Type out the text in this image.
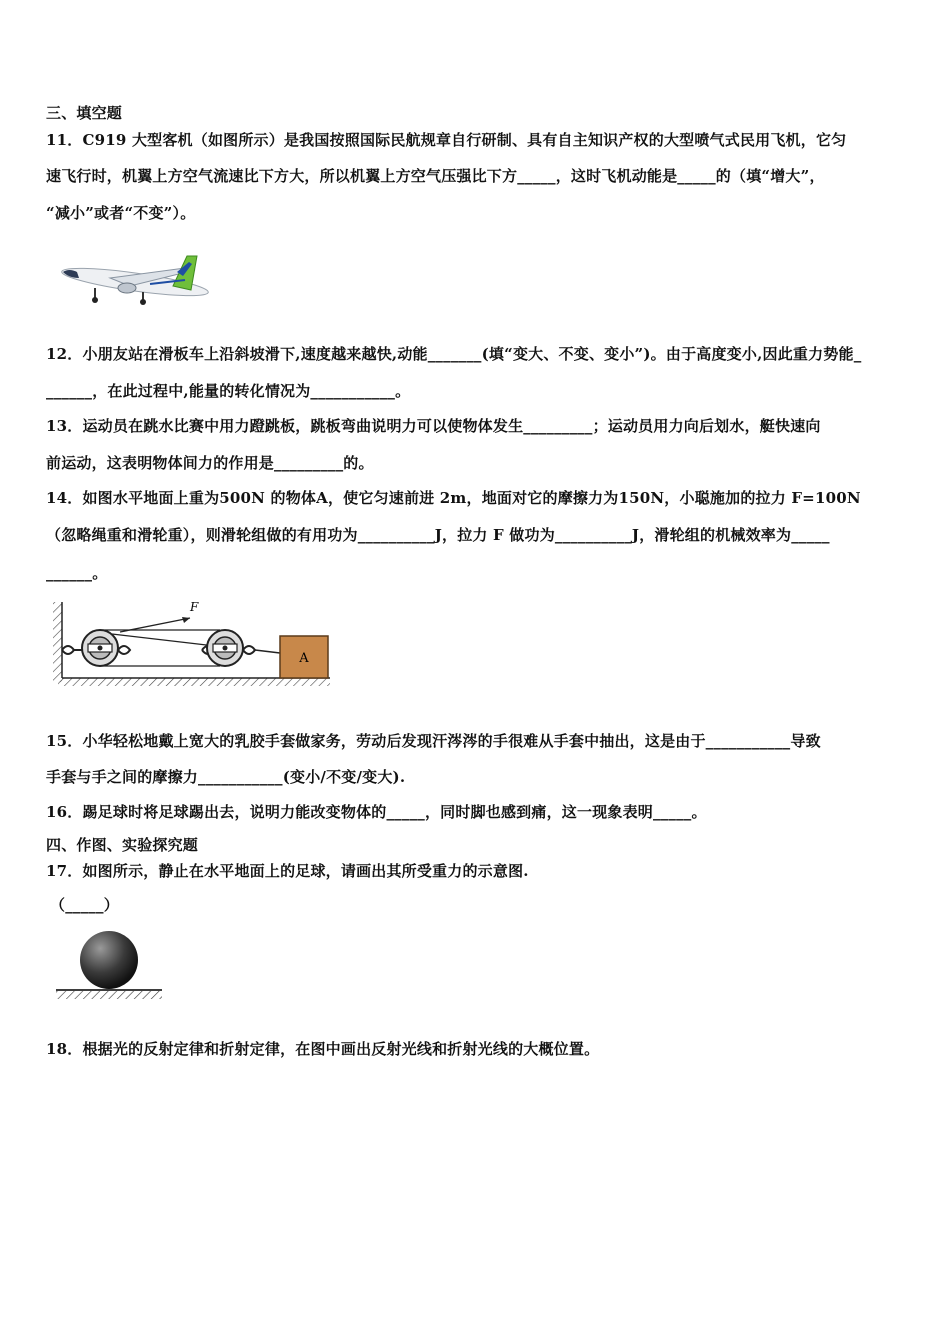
三、填空题
11．C919 大型客机（如图所示）是我国按照国际民航规章自行研制、具有自主知识产权的大型喷气式民用飞机，它匀
速飞行时，机翼上方空气流速比下方大，所以机翼上方空气压强比下方_____，这时飞机动能是_____的（填“增大”，
“减小”或者“不变”）。
12．小朋友站在滑板车上沿斜坡滑下,速度越来越快,动能_______(填“变大、不变、变小”)。由于高度变小,因此重力势能_
______，在此过程中,能量的转化情况为___________。
13．运动员在跳水比赛中用力蹬跳板，跳板弯曲说明力可以使物体发生_________；运动员用力向后划水，艇快速向
前运动，这表明物体间力的作用是_________的。
14．如图水平地面上重为500N 的物体A，使它匀速前进 2m，地面对它的摩擦力为150N，小聪施加的拉力 F=100N
（忽略绳重和滑轮重），则滑轮组做的有用功为__________J，拉力 F 做功为__________J，滑轮组的机械效率为_____
______。
F
A
15．小华轻松地戴上宽大的乳胶手套做家务，劳动后发现汗涔涔的手很难从手套中抽出，这是由于___________导致
手套与手之间的摩擦力___________(变小/不变/变大).
16．踢足球时将足球踢出去，说明力能改变物体的_____，同时脚也感到痛，这一现象表明_____。
四、作图、实验探究题
17．如图所示，静止在水平地面上的足球，请画出其所受重力的示意图.
（_____）
18．根据光的反射定律和折射定律，在图中画出反射光线和折射光线的大概位置。
